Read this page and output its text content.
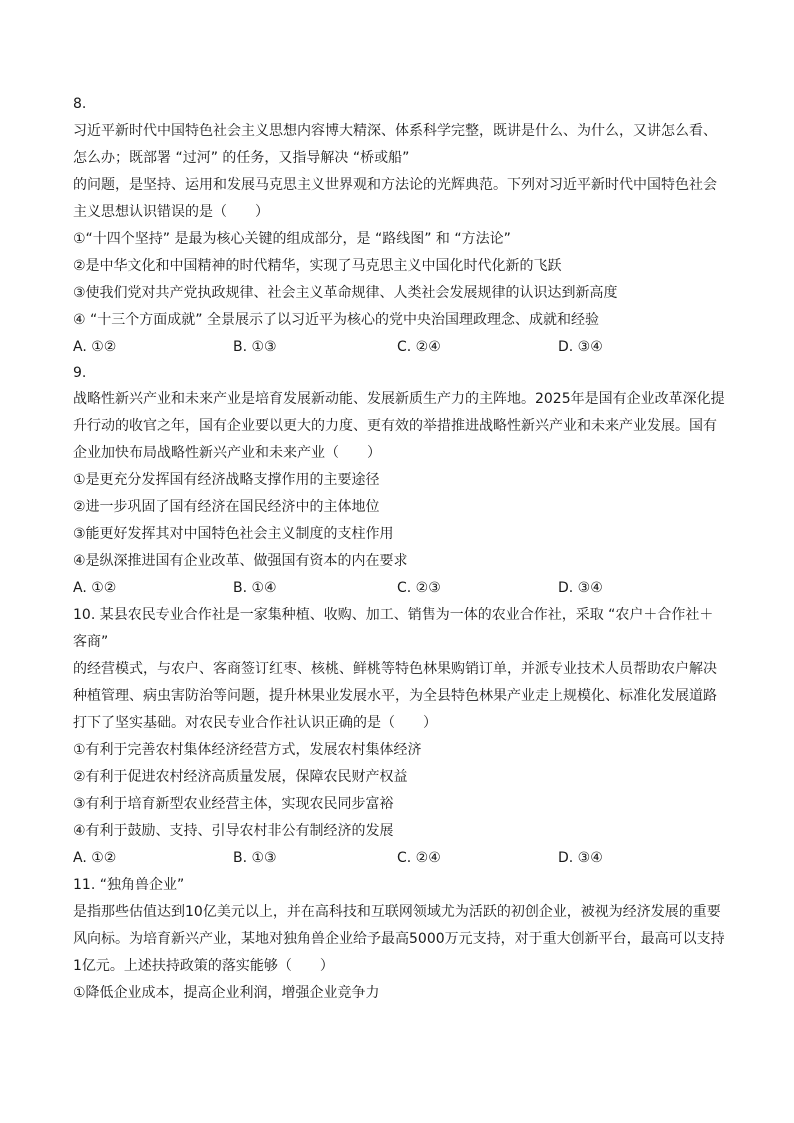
8.
习近平新时代中国特色社会主义思想内容博大精深、体系科学完整，既讲是什么、为什么，又讲怎么看、
怎么办；既部署 “过河” 的任务，又指导解决 “桥或船”
的问题，是坚持、运用和发展马克思主义世界观和方法论的光辉典范。下列对习近平新时代中国特色社会
主义思想认识错误的是（　　）
①“十四个坚持” 是最为核心关键的组成部分，是 “路线图” 和 “方法论”
②是中华文化和中国精神的时代精华，实现了马克思主义中国化时代化新的飞跃
③使我们党对共产党执政规律、社会主义革命规律、人类社会发展规律的认识达到新高度
④ “十三个方面成就” 全景展示了以习近平为核心的党中央治国理政理念、成就和经验
A. ①②	B. ①③	C. ②④	D. ③④
9.
战略性新兴产业和未来产业是培育发展新动能、发展新质生产力的主阵地。2025年是国有企业改革深化提
升行动的收官之年，国有企业要以更大的力度、更有效的举措推进战略性新兴产业和未来产业发展。国有
企业加快布局战略性新兴产业和未来产业（　　）
①是更充分发挥国有经济战略支撑作用的主要途径
②进一步巩固了国有经济在国民经济中的主体地位
③能更好发挥其对中国特色社会主义制度的支柱作用
④是纵深推进国有企业改革、做强国有资本的内在要求
A. ①②	B. ①④	C. ②③	D. ③④
10. 某县农民专业合作社是一家集种植、收购、加工、销售为一体的农业合作社，采取 “农户＋合作社＋
客商”
的经营模式，与农户、客商签订红枣、核桃、鲜桃等特色林果购销订单，并派专业技术人员帮助农户解决
种植管理、病虫害防治等问题，提升林果业发展水平，为全县特色林果产业走上规模化、标准化发展道路
打下了坚实基础。对农民专业合作社认识正确的是（　　）
①有利于完善农村集体经济经营方式，发展农村集体经济
②有利于促进农村经济高质量发展，保障农民财产权益
③有利于培育新型农业经营主体，实现农民同步富裕
④有利于鼓励、支持、引导农村非公有制经济的发展
A. ①②	B. ①③	C. ②④	D. ③④
11. “独角兽企业”
是指那些估值达到10亿美元以上，并在高科技和互联网领域尤为活跃的初创企业，被视为经济发展的重要
风向标。为培育新兴产业，某地对独角兽企业给予最高5000万元支持，对于重大创新平台，最高可以支持
1亿元。上述扶持政策的落实能够（　　）
①降低企业成本，提高企业利润，增强企业竞争力
